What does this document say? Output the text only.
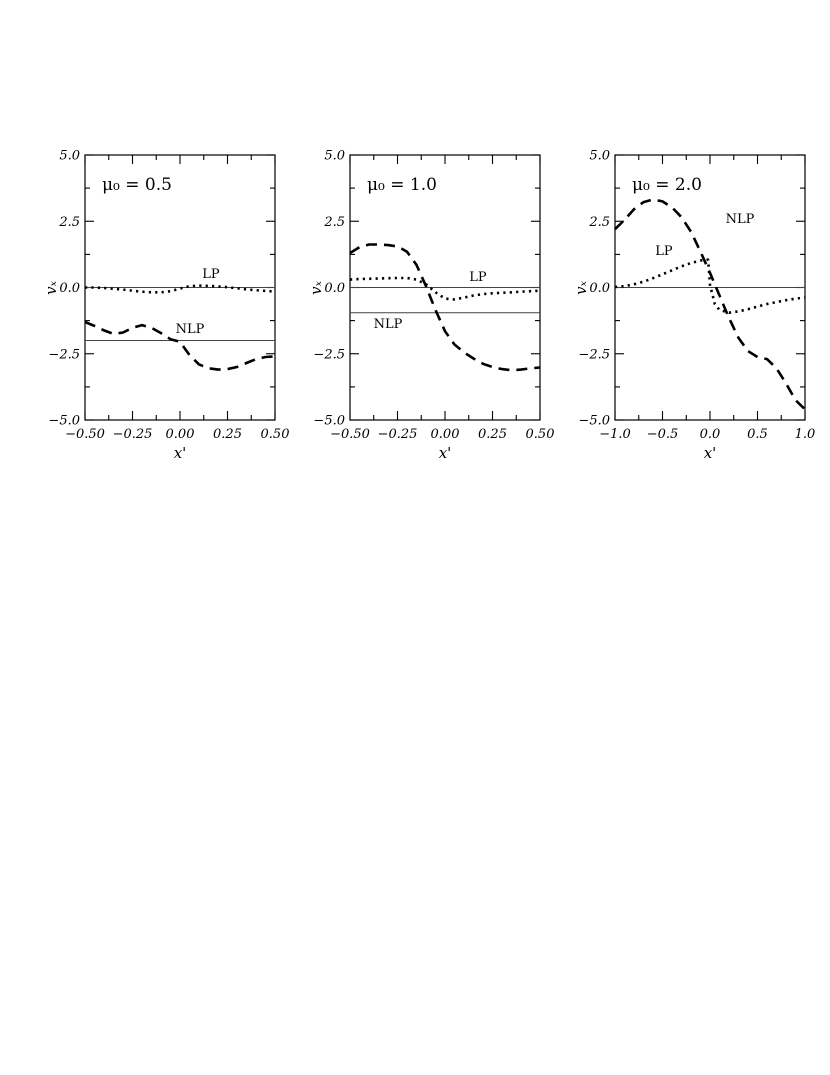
−5.0
−2.5
0.0
2.5
5.0
−0.50 −0.25 0.00 0.25 0.50
x'
vₓ
μ₀ = 0.5
LP
NLP
−5.0
−2.5
0.0
2.5
5.0
−0.50 −0.25 0.00 0.25 0.50
x'
vₓ
μ₀ = 1.0
LP
NLP
−5.0
−2.5
0.0
2.5
5.0
−1.0 −0.5 0.0 0.5 1.0
x'
vₓ
μ₀ = 2.0
LP
NLP
